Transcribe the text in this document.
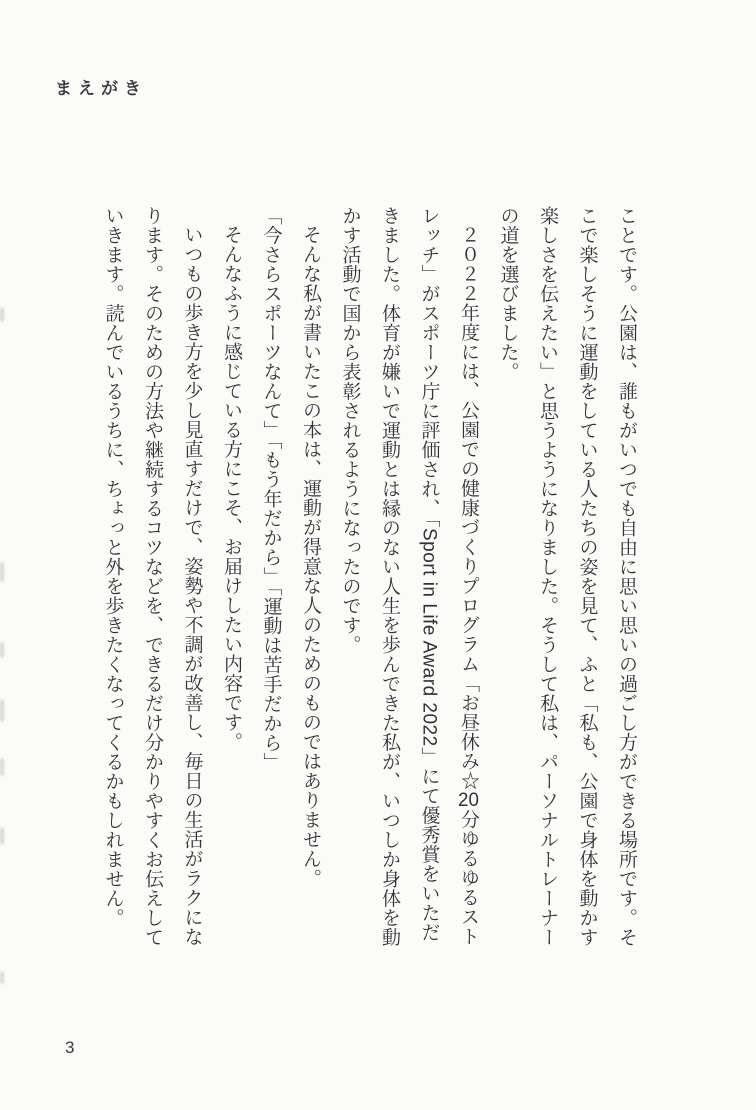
まえがき
ことです。公園は、誰もがいつでも自由に思い思いの過ごし方ができる場所です。そ
こで楽しそうに運動をしている人たちの姿を見て、ふと「私も、公園で身体を動かす
楽しさを伝えたい」と思うようになりました。そうして私は、パーソナルトレーナー
の道を選びました。
２０２２年度には、公園での健康づくりプログラム「お昼休み☆20分ゆるゆるスト
レッチ」がスポーツ庁に評価され、「Sport in Life Award 2022」にて優秀賞をいただ
きました。体育が嫌いで運動とは縁のない人生を歩んできた私が、いつしか身体を動
かす活動で国から表彰されるようになったのです。
そんな私が書いたこの本は、運動が得意な人のためのものではありません。
「今さらスポーツなんて」「もう年だから」「運動は苦手だから」
そんなふうに感じている方にこそ、お届けしたい内容です。
いつもの歩き方を少し見直すだけで、姿勢や不調が改善し、毎日の生活がラクにな
ります。そのための方法や継続するコツなどを、できるだけ分かりやすくお伝えして
いきます。読んでいるうちに、ちょっと外を歩きたくなってくるかもしれません。
3
